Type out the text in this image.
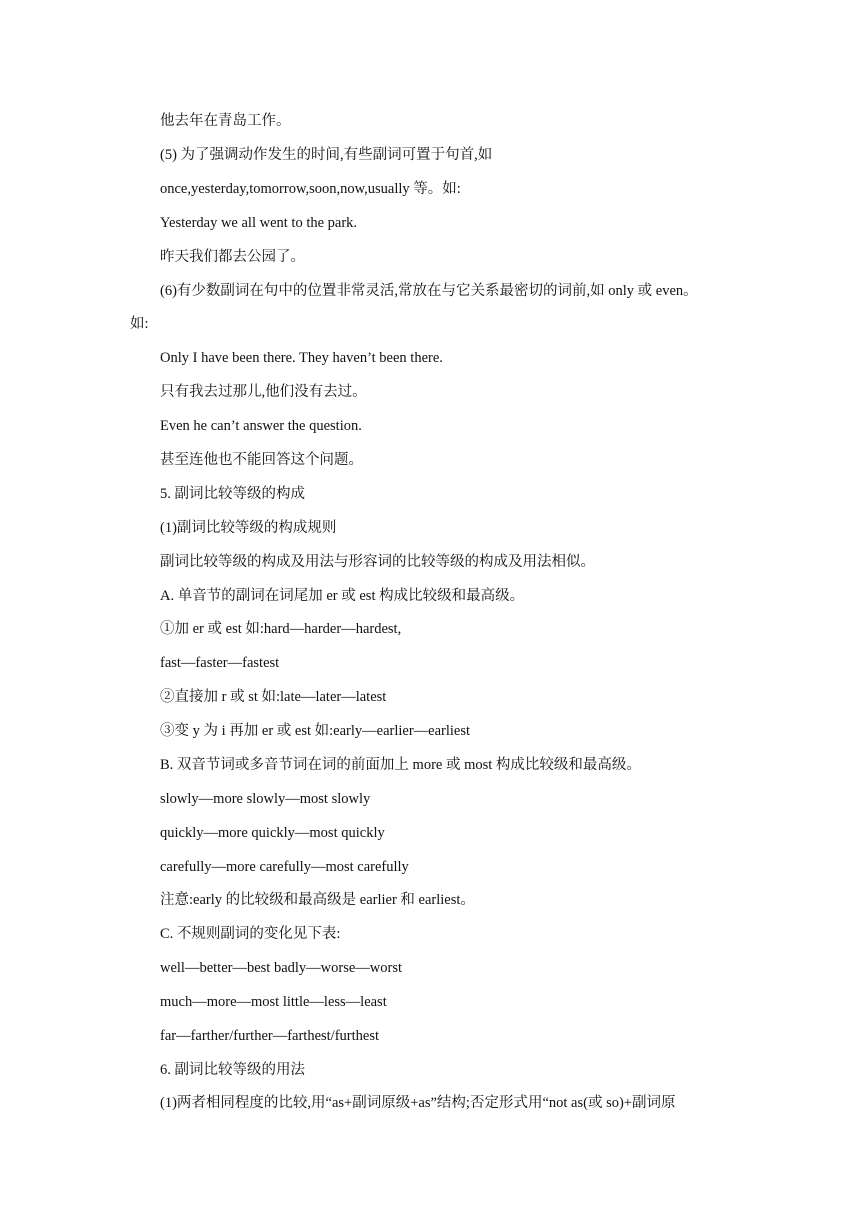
他去年在青岛工作。
(5) 为了强调动作发生的时间,有些副词可置于句首,如
once,yesterday,tomorrow,soon,now,usually 等。如:
Yesterday we all went to the park.
昨天我们都去公园了。
(6)有少数副词在句中的位置非常灵活,常放在与它关系最密切的词前,如 only 或 even。
如:
Only I have been there. They haven’t been there.
只有我去过那儿,他们没有去过。
Even he can’t answer the question.
甚至连他也不能回答这个问题。
5. 副词比较等级的构成
(1)副词比较等级的构成规则
副词比较等级的构成及用法与形容词的比较等级的构成及用法相似。
A. 单音节的副词在词尾加 er 或 est 构成比较级和最高级。
①加 er 或 est 如:hard—harder—hardest,
fast—faster—fastest
②直接加 r 或 st 如:late—later—latest
③变 y 为 i 再加 er 或 est 如:early—earlier—earliest
B. 双音节词或多音节词在词的前面加上 more 或 most 构成比较级和最高级。
slowly—more slowly—most slowly
quickly—more quickly—most quickly
carefully—more carefully—most carefully
注意:early 的比较级和最高级是 earlier 和 earliest。
C. 不规则副词的变化见下表:
well—better—best badly—worse—worst
much—more—most little—less—least
far—farther/further—farthest/furthest
6. 副词比较等级的用法
(1)两者相同程度的比较,用“as+副词原级+as”结构;否定形式用“not as(或 so)+副词原
